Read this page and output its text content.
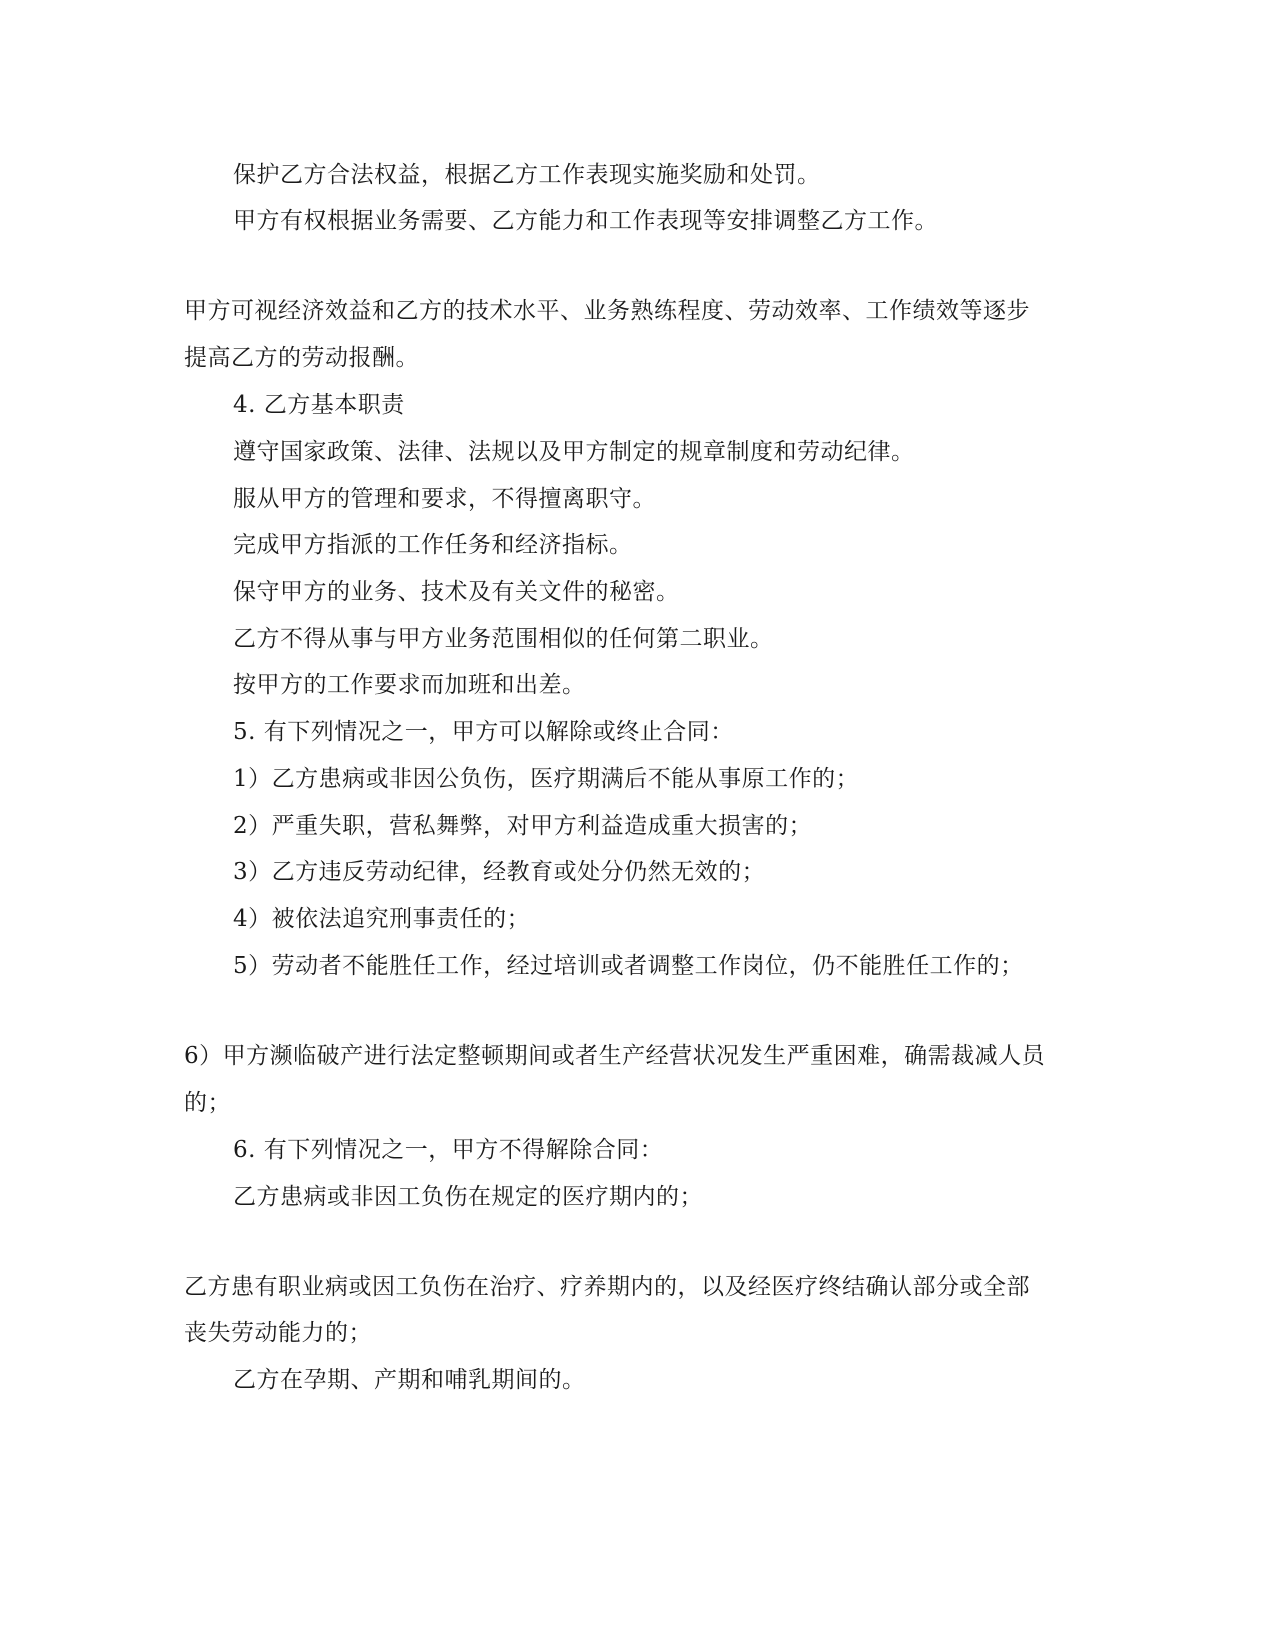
保护乙方合法权益，根据乙方工作表现实施奖励和处罚。
甲方有权根据业务需要、乙方能力和工作表现等安排调整乙方工作。
甲方可视经济效益和乙方的技术水平、业务熟练程度、劳动效率、工作绩效等逐步
提高乙方的劳动报酬。
4. 乙方基本职责
遵守国家政策、法律、法规以及甲方制定的规章制度和劳动纪律。
服从甲方的管理和要求，不得擅离职守。
完成甲方指派的工作任务和经济指标。
保守甲方的业务、技术及有关文件的秘密。
乙方不得从事与甲方业务范围相似的任何第二职业。
按甲方的工作要求而加班和出差。
5. 有下列情况之一，甲方可以解除或终止合同：
1）乙方患病或非因公负伤，医疗期满后不能从事原工作的；
2）严重失职，营私舞弊，对甲方利益造成重大损害的；
3）乙方违反劳动纪律，经教育或处分仍然无效的；
4）被依法追究刑事责任的；
5）劳动者不能胜任工作，经过培训或者调整工作岗位，仍不能胜任工作的；
6）甲方濒临破产进行法定整顿期间或者生产经营状况发生严重困难，确需裁减人员
的；
6. 有下列情况之一，甲方不得解除合同：
乙方患病或非因工负伤在规定的医疗期内的；
乙方患有职业病或因工负伤在治疗、疗养期内的，以及经医疗终结确认部分或全部
丧失劳动能力的；
乙方在孕期、产期和哺乳期间的。
